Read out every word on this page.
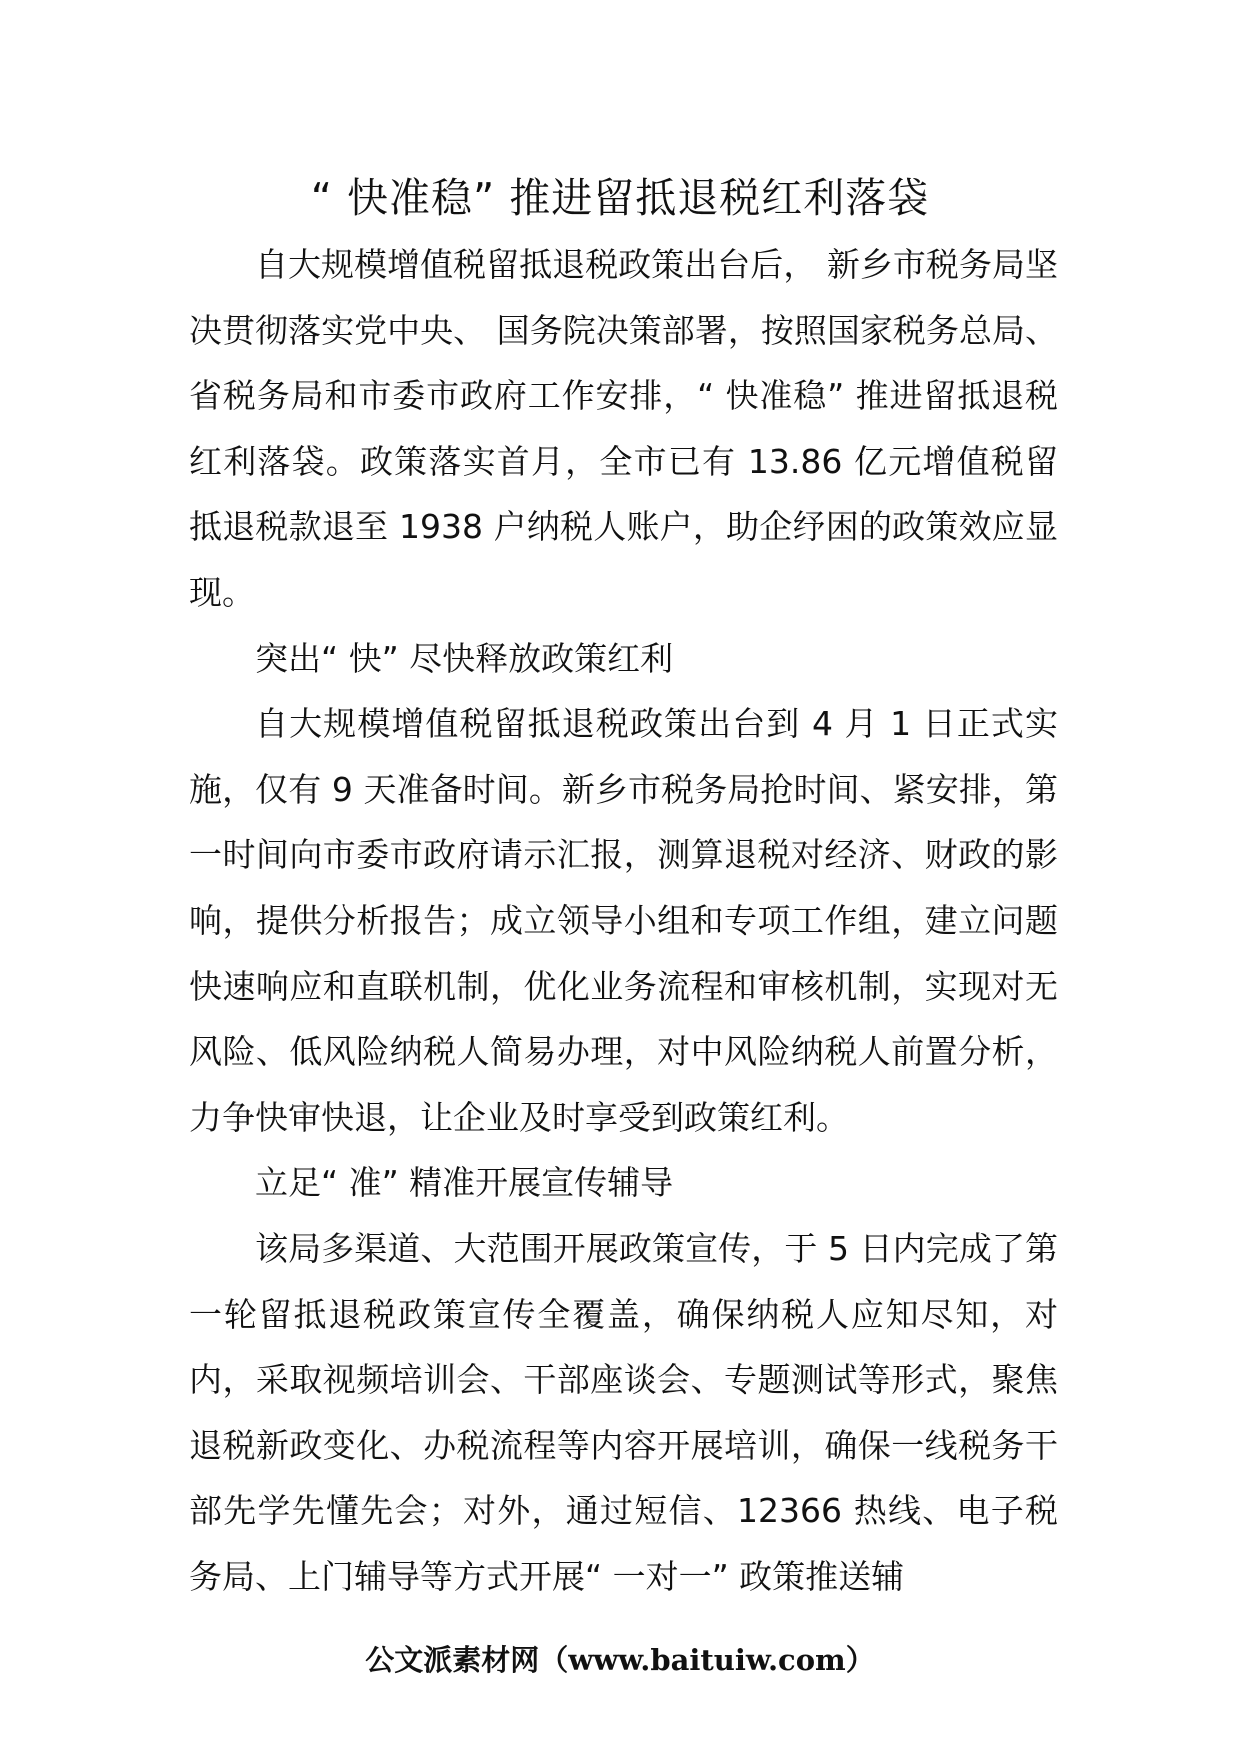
“ 快准稳” 推进留抵退税红利落袋

自大规模增值税留抵退税政策出台后， 新乡市税务局坚决贯彻落实党中央、 国务院决策部署，按照国家税务总局、省税务局和市委市政府工作安排，“ 快准稳” 推进留抵退税红利落袋。政策落实首月，全市已有 13.86 亿元增值税留抵退税款退至 1938 户纳税人账户，助企纾困的政策效应显现。

突出“ 快” 尽快释放政策红利

自大规模增值税留抵退税政策出台到 4 月 1 日正式实施，仅有 9 天准备时间。新乡市税务局抢时间、紧安排，第一时间向市委市政府请示汇报，测算退税对经济、财政的影响，提供分析报告；成立领导小组和专项工作组，建立问题快速响应和直联机制，优化业务流程和审核机制，实现对无风险、低风险纳税人简易办理，对中风险纳税人前置分析，力争快审快退，让企业及时享受到政策红利。

立足“ 准” 精准开展宣传辅导

该局多渠道、大范围开展政策宣传，于 5 日内完成了第一轮留抵退税政策宣传全覆盖，确保纳税人应知尽知，对内，采取视频培训会、干部座谈会、专题测试等形式，聚焦退税新政变化、办税流程等内容开展培训，确保一线税务干部先学先懂先会；对外，通过短信、12366 热线、电子税务局、上门辅导等方式开展“ 一对一” 政策推送辅

公文派素材网（www.baituiw.com）
